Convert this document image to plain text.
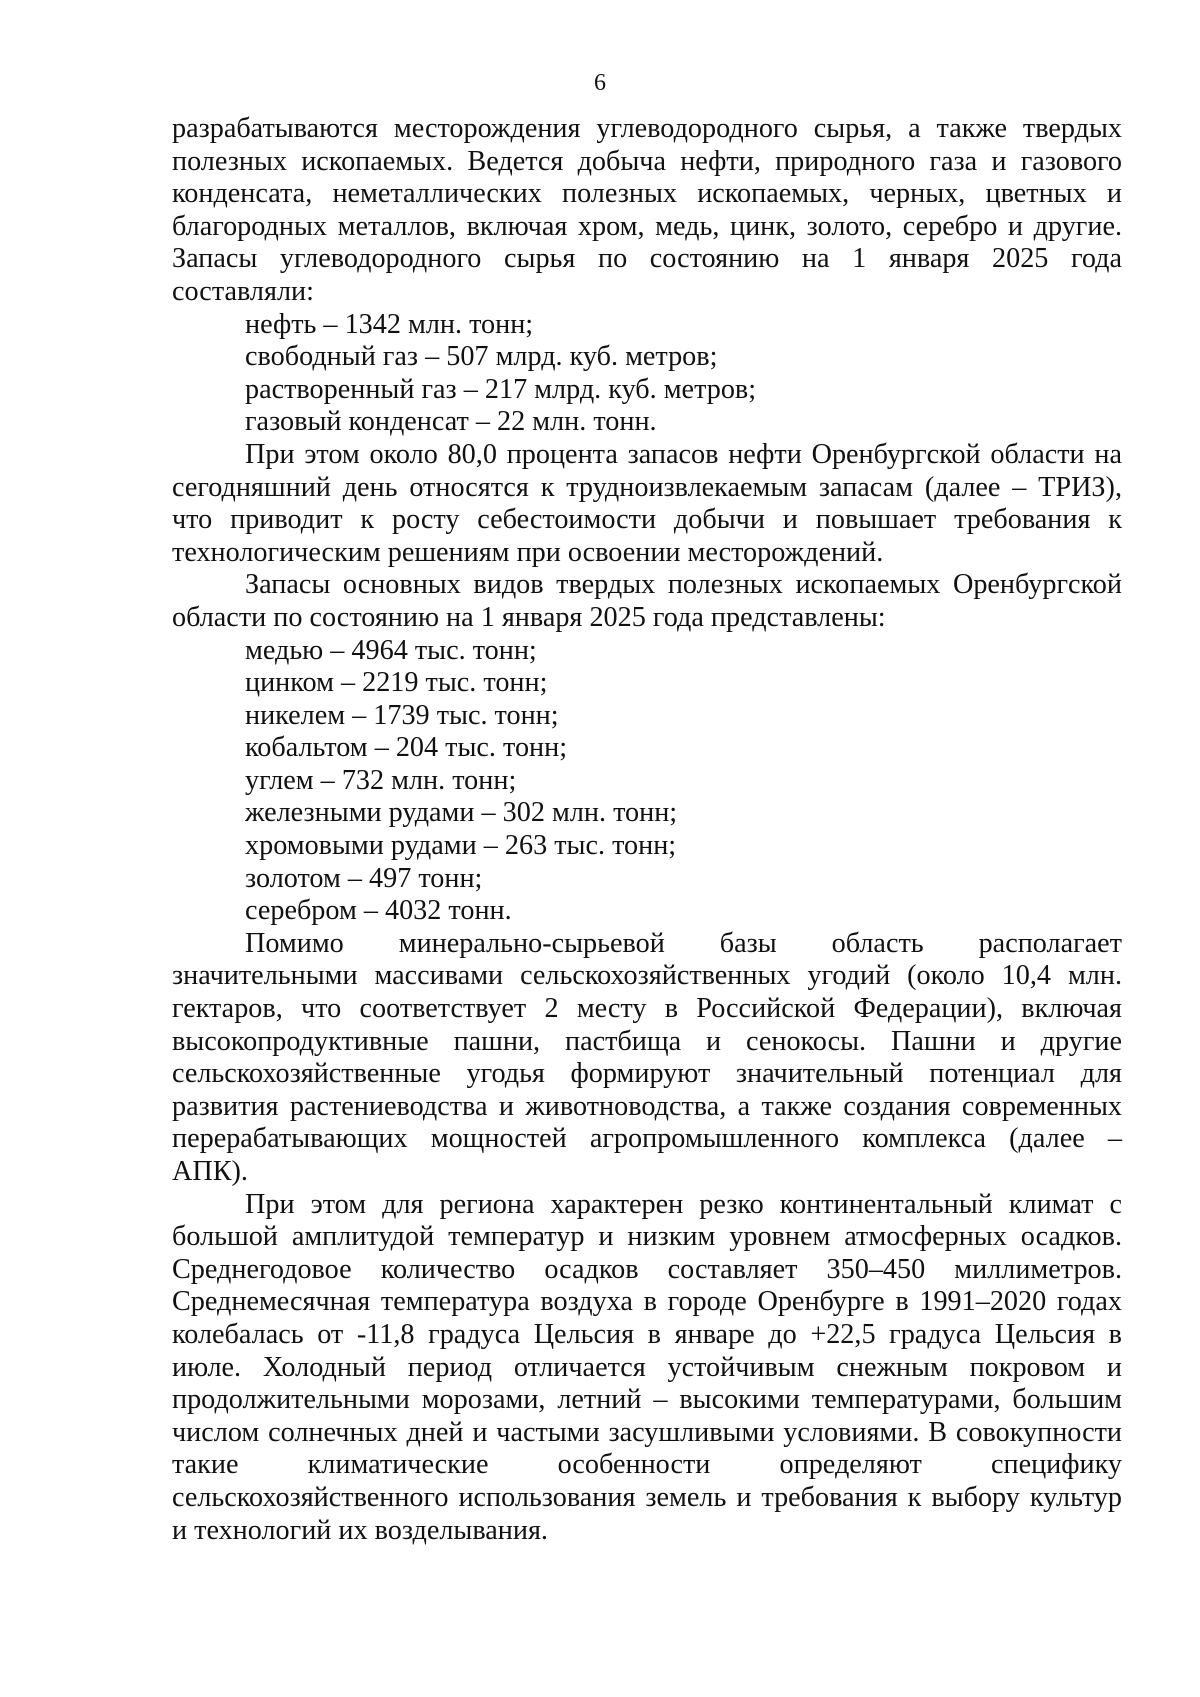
6

разрабатываются месторождения углеводородного сырья, а также твердых полезных ископаемых. Ведется добыча нефти, природного газа и газового конденсата, неметаллических полезных ископаемых, черных, цветных и благородных металлов, включая хром, медь, цинк, золото, серебро и другие. Запасы углеводородного сырья по состоянию на 1 января 2025 года составляли:

нефть – 1342 млн. тонн;

свободный газ – 507 млрд. куб. метров;

растворенный газ – 217 млрд. куб. метров;

газовый конденсат – 22 млн. тонн.

При этом около 80,0 процента запасов нефти Оренбургской области на сегодняшний день относятся к трудноизвлекаемым запасам (далее – ТРИЗ), что приводит к росту себестоимости добычи и повышает требования к технологическим решениям при освоении месторождений.

Запасы основных видов твердых полезных ископаемых Оренбургской области по состоянию на 1 января 2025 года представлены:

медью – 4964 тыс. тонн;

цинком – 2219 тыс. тонн;

никелем – 1739 тыс. тонн;

кобальтом – 204 тыс. тонн;

углем – 732 млн. тонн;

железными рудами – 302 млн. тонн;

хромовыми рудами – 263 тыс. тонн;

золотом – 497 тонн;

серебром – 4032 тонн.

Помимо минерально-сырьевой базы область располагает значительными массивами сельскохозяйственных угодий (около 10,4 млн. гектаров, что соответствует 2 месту в Российской Федерации), включая высокопродуктивные пашни, пастбища и сенокосы. Пашни и другие сельскохозяйственные угодья формируют значительный потенциал для развития растениеводства и животноводства, а также создания современных перерабатывающих мощностей агропромышленного комплекса (далее – АПК).

При этом для региона характерен резко континентальный климат с большой амплитудой температур и низким уровнем атмосферных осадков. Среднегодовое количество осадков составляет 350–450 миллиметров. Среднемесячная температура воздуха в городе Оренбурге в 1991–2020 годах колебалась от -11,8 градуса Цельсия в январе до +22,5 градуса Цельсия в июле. Холодный период отличается устойчивым снежным покровом и продолжительными морозами, летний – высокими температурами, большим числом солнечных дней и частыми засушливыми условиями. В совокупности такие климатические особенности определяют специфику сельскохозяйственного использования земель и требования к выбору культур и технологий их возделывания.
